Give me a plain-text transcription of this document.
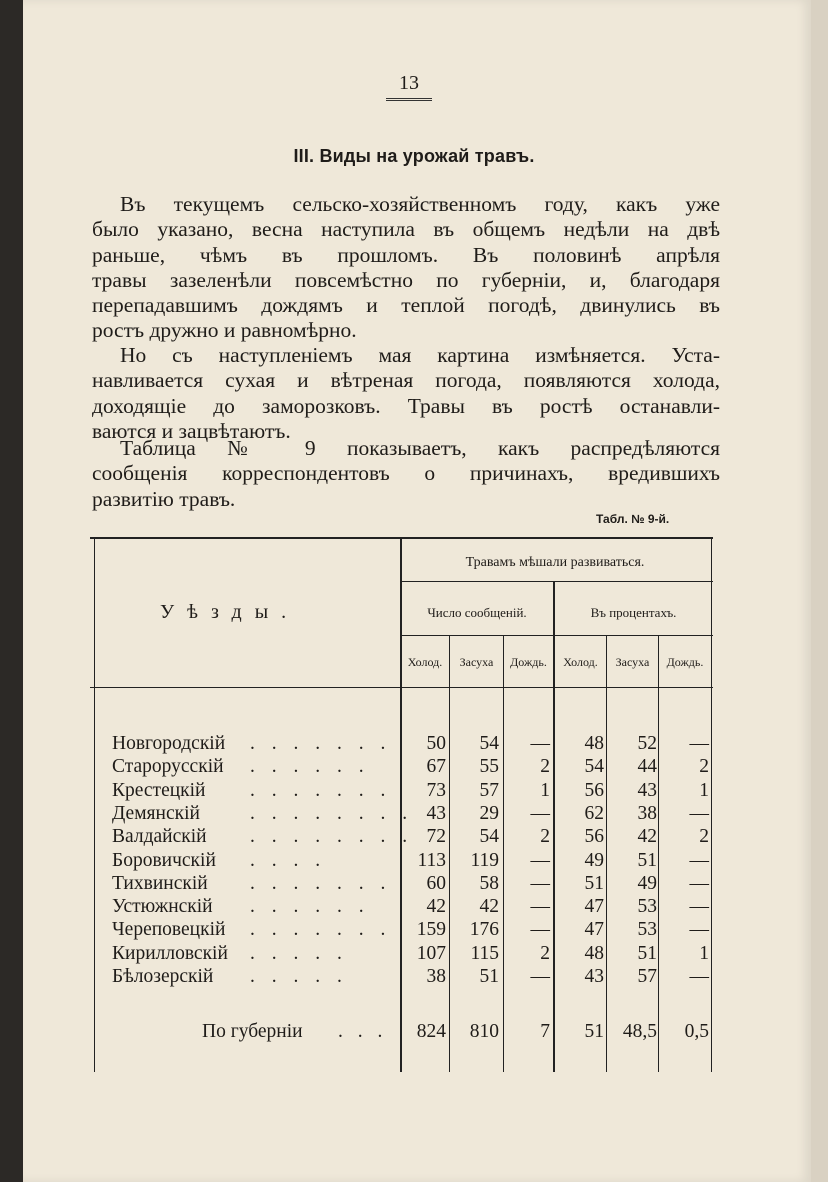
13
III. Виды на урожай травъ.
Въ текущемъ сельско-хозяйственномъ году, какъ уже
было указано, весна наступила въ общемъ недѣли на двѣ
раньше, чѣмъ въ прошломъ. Въ половинѣ апрѣля
травы зазеленѣли повсемѣстно по губерніи, и, благодаря
перепадавшимъ дождямъ и теплой погодѣ, двинулись въ
ростъ дружно и равномѣрно.
Но съ наступленіемъ мая картина измѣняется. Уста-
навливается сухая и вѣтреная погода, появляются холода,
доходящіе до заморозковъ. Травы въ ростѣ останавли-
ваются и зацвѣтаютъ.
Таблица № 9 показываетъ, какъ распредѣляются
сообщенія корреспондентовъ о причинахъ, вредившихъ
развитію травъ.
Табл. № 9-й.
Уѣзды.
Травамъ мѣшали развиваться.
Число сообщеній.	Въ процентахъ.
Холод.	Засуха	Дождь.	Холод.	Засуха	Дождь.
Новгородскій . . . . . . . 50 54 — 48 52 —
Старорусскій . . . . . .	67 55 2 54 44 2
Крестецкій . . . . . . . 73 57 1 56 43 1
Демянскій	. . . . . . . . 43 29 — 62 38 —
Валдайскій . . . . . . . . 72 54 2 56 42 2
Боровичскій . . . .	113 119 — 49 51 —
Тихвинскій . . . . . . . 60 58 — 51 49 —
Устюжнскій . . . . . .	42 42 — 47 53 —
Череповецкій . . . . . . . 159 176 — 47 53 —
Кирилловскій . . . . .	107 115 2 48 51 1
Бѣлозерскій . . . . .	38 51 — 43 57 —
По губерніи . . . 824 810 7 51 48,5 0,5
